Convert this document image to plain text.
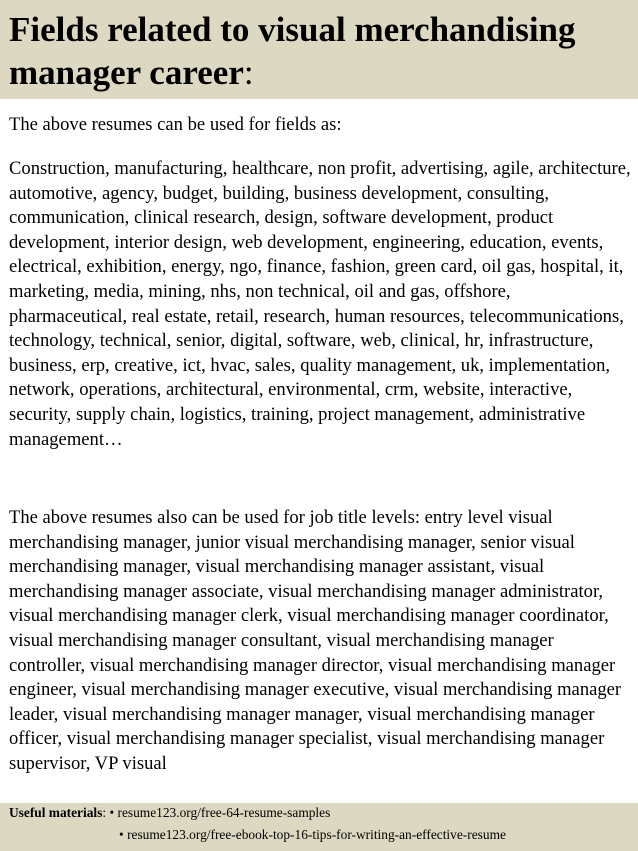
Fields related to visual merchandising manager career:

The above resumes can be used for fields as:

Construction, manufacturing, healthcare, non profit, advertising, agile, architecture, automotive, agency, budget, building, business development, consulting, communication, clinical research, design, software development, product development, interior design, web development, engineering, education, events, electrical, exhibition, energy, ngo, finance, fashion, green card, oil gas, hospital, it, marketing, media, mining, nhs, non technical, oil and gas, offshore, pharmaceutical, real estate, retail, research, human resources, telecommunications, technology, technical, senior, digital, software, web, clinical, hr, infrastructure, business, erp, creative, ict, hvac, sales, quality management, uk, implementation, network, operations, architectural, environmental, crm, website, interactive, security, supply chain, logistics, training, project management, administrative management…

The above resumes also can be used for job title levels: entry level visual merchandising manager, junior visual merchandising manager, senior visual merchandising manager, visual merchandising manager assistant, visual merchandising manager associate, visual merchandising manager administrator, visual merchandising manager clerk, visual merchandising manager coordinator, visual merchandising manager consultant, visual merchandising manager controller, visual merchandising manager director, visual merchandising manager engineer, visual merchandising manager executive, visual merchandising manager leader, visual merchandising manager manager, visual merchandising manager officer, visual merchandising manager specialist, visual merchandising manager supervisor, VP visual

Useful materials: • resume123.org/free-64-resume-samples
• resume123.org/free-ebook-top-16-tips-for-writing-an-effective-resume
